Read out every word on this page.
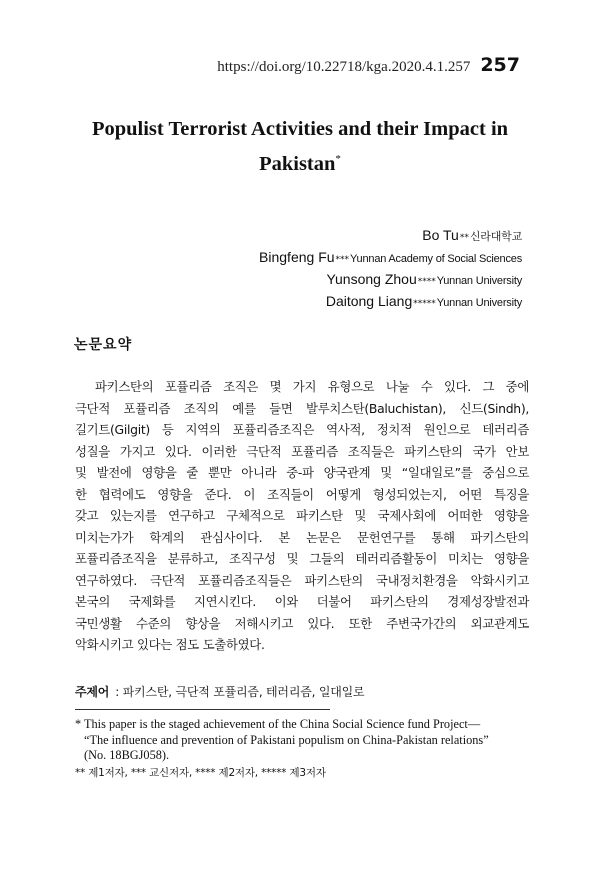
https://doi.org/10.22718/kga.2020.4.1.257 257
Populist Terrorist Activities and their Impact in
Pakistan*
Bo Tu**신라대학교
Bingfeng Fu***Yunnan Academy of Social Sciences
Yunsong Zhou****Yunnan University
Daitong Liang*****Yunnan University
논문요약
　파키스탄의 포퓰리즘 조직은 몇 가지 유형으로 나눌 수 있다. 그 중에
극단적 포퓰리즘 조직의 예를 들면 발루치스탄(Baluchistan), 신드(Sindh),
길기트(Gilgit) 등 지역의 포퓰리즘조직은 역사적, 정치적 원인으로 테러리즘
성질을 가지고 있다. 이러한 극단적 포퓰리즘 조직들은 파키스탄의 국가 안보
및 발전에 영향을 줄 뿐만 아니라 중-파 양국관계 및 “일대일로”를 중심으로
한 협력에도 영향을 준다. 이 조직들이 어떻게 형성되었는지, 어떤 특징을
갖고 있는지를 연구하고 구체적으로 파키스탄 및 국제사회에 어떠한 영향을
미치는가가 학계의 관심사이다. 본 논문은 문헌연구를 통해 파키스탄의
포퓰리즘조직을 분류하고, 조직구성 및 그들의 테러리즘활동이 미치는 영향을
연구하였다. 극단적 포퓰리즘조직들은 파키스탄의 국내정치환경을 악화시키고
본국의 국제화를 지연시킨다. 이와 더불어 파키스탄의 경제성장발전과
국민생활 수준의 향상을 저해시키고 있다. 또한 주변국가간의 외교관계도
악화시키고 있다는 점도 도출하였다.
주제어 : 파키스탄, 극단적 포퓰리즘, 테러리즘, 일대일로
* This paper is the staged achievement of the China Social Science fund Project—
“The influence and prevention of Pakistani populism on China-Pakistan relations”
(No. 18BGJ058).
** 제1저자, *** 교신저자, **** 제2저자, ***** 제3저자
